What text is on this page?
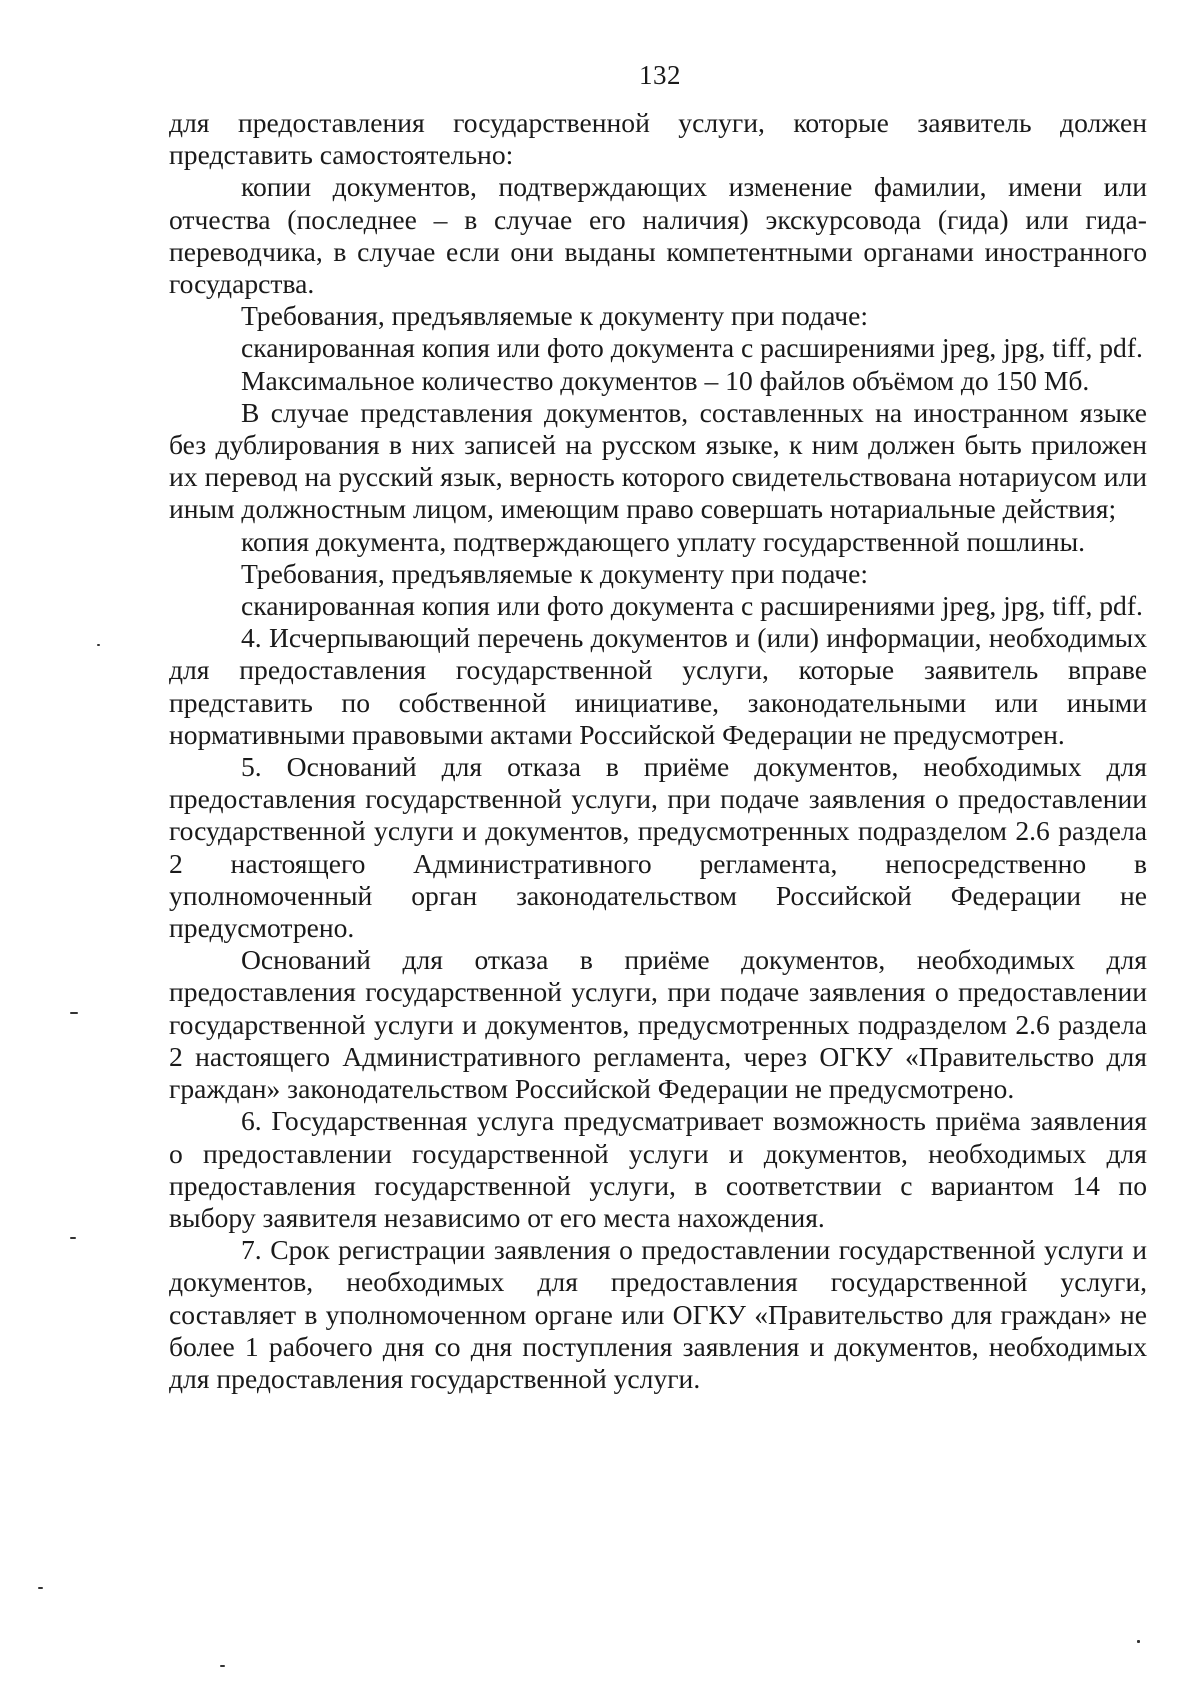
132

для предоставления государственной услуги, которые заявитель должен представить самостоятельно:

копии документов, подтверждающих изменение фамилии, имени или отчества (последнее – в случае его наличия) экскурсовода (гида) или гида-переводчика, в случае если они выданы компетентными органами иностранного государства.

Требования, предъявляемые к документу при подаче:

сканированная копия или фото документа с расширениями jpeg, jpg, tiff, pdf.

Максимальное количество документов – 10 файлов объёмом до 150 Мб.

В случае представления документов, составленных на иностранном языке без дублирования в них записей на русском языке, к ним должен быть приложен их перевод на русский язык, верность которого свидетельствована нотариусом или иным должностным лицом, имеющим право совершать нотариальные действия;

копия документа, подтверждающего уплату государственной пошлины.

Требования, предъявляемые к документу при подаче:

сканированная копия или фото документа с расширениями jpeg, jpg, tiff, pdf.

4. Исчерпывающий перечень документов и (или) информации, необходимых для предоставления государственной услуги, которые заявитель вправе представить по собственной инициативе, законодательными или иными нормативными правовыми актами Российской Федерации не предусмотрен.

5. Оснований для отказа в приёме документов, необходимых для предоставления государственной услуги, при подаче заявления о предоставлении государственной услуги и документов, предусмотренных подразделом 2.6 раздела 2 настоящего Административного регламента, непосредственно в уполномоченный орган законодательством Российской Федерации не предусмотрено.

Оснований для отказа в приёме документов, необходимых для предоставления государственной услуги, при подаче заявления о предоставлении государственной услуги и документов, предусмотренных подразделом 2.6 раздела 2 настоящего Административного регламента, через ОГКУ «Правительство для граждан» законодательством Российской Федерации не предусмотрено.

6. Государственная услуга предусматривает возможность приёма заявления о предоставлении государственной услуги и документов, необходимых для предоставления государственной услуги, в соответствии с вариантом 14 по выбору заявителя независимо от его места нахождения.

7. Срок регистрации заявления о предоставлении государственной услуги и документов, необходимых для предоставления государственной услуги, составляет в уполномоченном органе или ОГКУ «Правительство для граждан» не более 1 рабочего дня со дня поступления заявления и документов, необходимых для предоставления государственной услуги.
